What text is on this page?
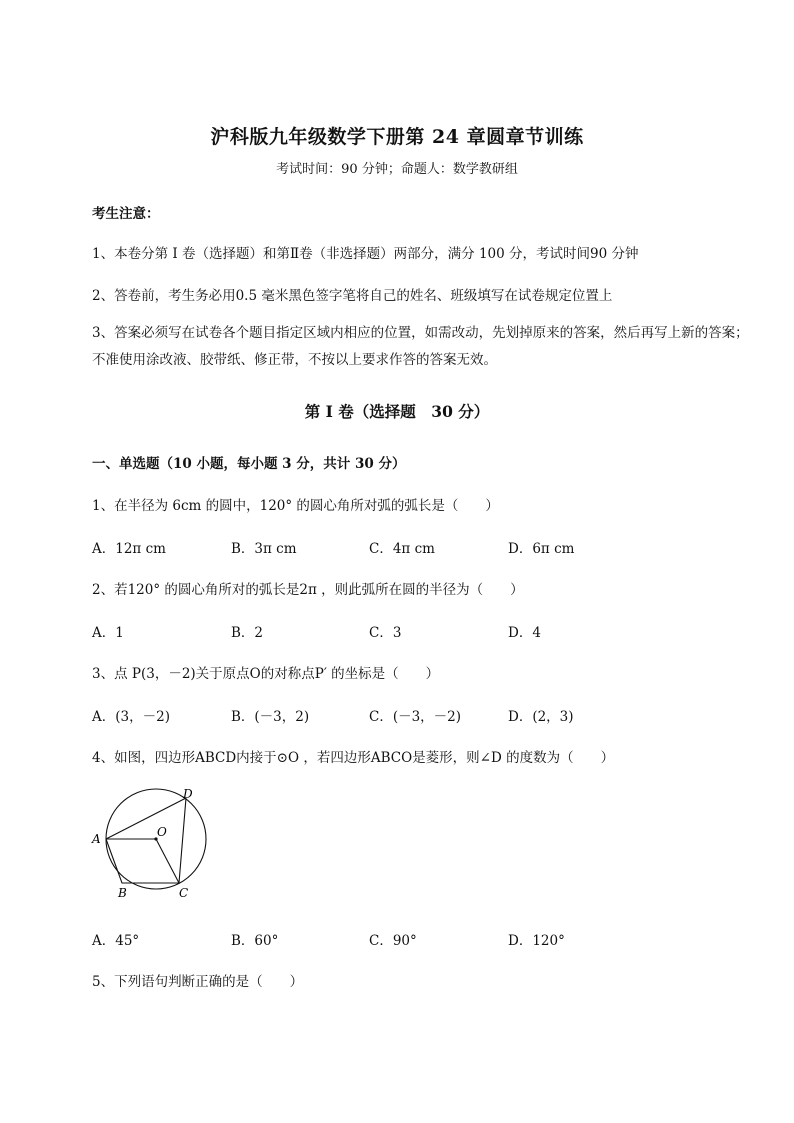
沪科版九年级数学下册第 24 章圆章节训练
考试时间：90 分钟；命题人：数学教研组
考生注意：
1、本卷分第 I 卷（选择题）和第Ⅱ卷（非选择题）两部分，满分 100 分，考试时间90 分钟
2、答卷前，考生务必用0.5 毫米黑色签字笔将自己的姓名、班级填写在试卷规定位置上
3、答案必须写在试卷各个题目指定区域内相应的位置，如需改动，先划掉原来的答案，然后再写上新的答案；不准使用涂改液、胶带纸、修正带，不按以上要求作答的答案无效。
第 I 卷（选择题　30 分）
一、单选题（10 小题，每小题 3 分，共计 30 分）
1、在半径为 6cm 的圆中，120° 的圆心角所对弧的弧长是（　　）
A．12π cm	B．3π cm	C．4π cm	D．6π cm
2、若120° 的圆心角所对的弧长是2π ，则此弧所在圆的半径为（　　）
A．1	B．2	C．3	D．4
3、点 P(3，－2)关于原点O的对称点P′ 的坐标是（　　）
A．(3，－2)	B．(－3，2)	C．(－3，－2)	D．(2，3)
4、如图，四边形ABCD内接于⊙O ，若四边形ABCO是菱形，则∠D 的度数为（　　）
A
B	C
D
O
A．45°	B．60°	C．90°	D．120°
5、下列语句判断正确的是（　　）
